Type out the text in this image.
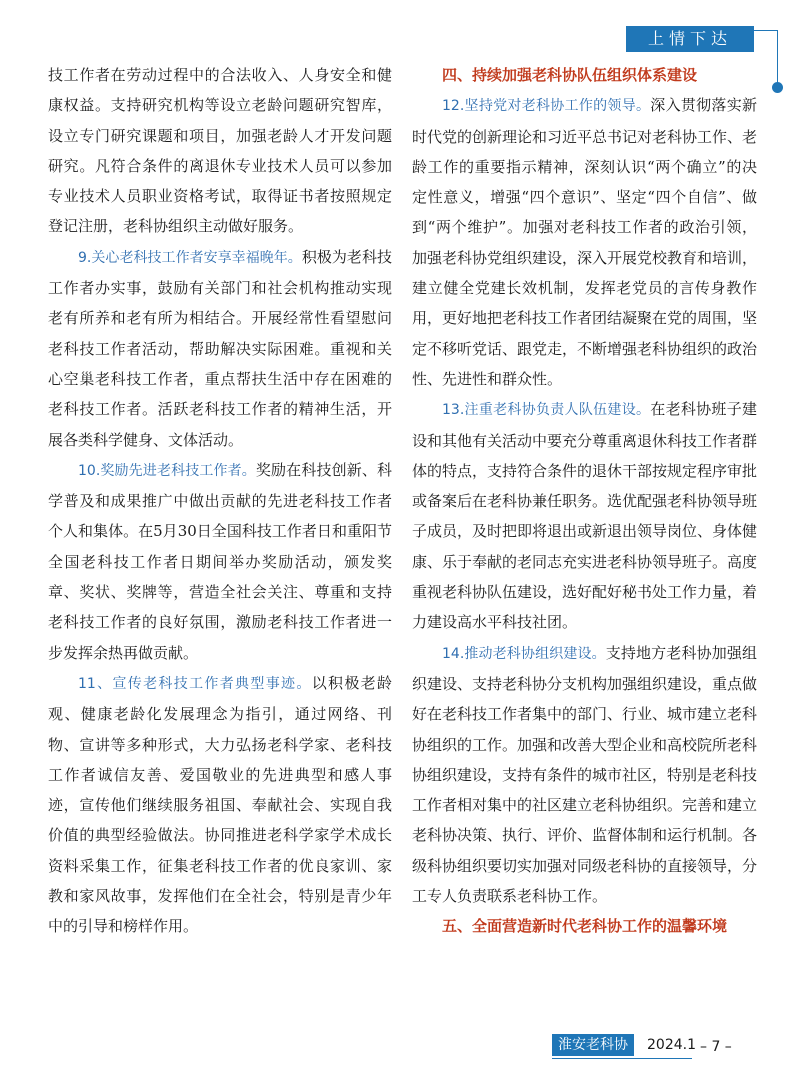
上情下达

技工作者在劳动过程中的合法收入、人身安全和健康权益。支持研究机构等设立老龄问题研究智库，设立专门研究课题和项目，加强老龄人才开发问题研究。凡符合条件的离退休专业技术人员可以参加专业技术人员职业资格考试，取得证书者按照规定登记注册，老科协组织主动做好服务。

9.关心老科技工作者安享幸福晚年。积极为老科技工作者办实事，鼓励有关部门和社会机构推动实现老有所养和老有所为相结合。开展经常性看望慰问老科技工作者活动，帮助解决实际困难。重视和关心空巢老科技工作者，重点帮扶生活中存在困难的老科技工作者。活跃老科技工作者的精神生活，开展各类科学健身、文体活动。

10.奖励先进老科技工作者。奖励在科技创新、科学普及和成果推广中做出贡献的先进老科技工作者个人和集体。在5月30日全国科技工作者日和重阳节全国老科技工作者日期间举办奖励活动，颁发奖章、奖状、奖牌等，营造全社会关注、尊重和支持老科技工作者的良好氛围，激励老科技工作者进一步发挥余热再做贡献。

11、宣传老科技工作者典型事迹。以积极老龄观、健康老龄化发展理念为指引，通过网络、刊物、宣讲等多种形式，大力弘扬老科学家、老科技工作者诚信友善、爱国敬业的先进典型和感人事迹，宣传他们继续服务祖国、奉献社会、实现自我价值的典型经验做法。协同推进老科学家学术成长资料采集工作，征集老科技工作者的优良家训、家教和家风故事，发挥他们在全社会，特别是青少年中的引导和榜样作用。

四、持续加强老科协队伍组织体系建设

12.坚持党对老科协工作的领导。深入贯彻落实新时代党的创新理论和习近平总书记对老科协工作、老龄工作的重要指示精神，深刻认识“两个确立”的决定性意义，增强“四个意识”、坚定“四个自信”、做到“两个维护”。加强对老科技工作者的政治引领，加强老科协党组织建设，深入开展党校教育和培训，建立健全党建长效机制，发挥老党员的言传身教作用，更好地把老科技工作者团结凝聚在党的周围，坚定不移听党话、跟党走，不断增强老科协组织的政治性、先进性和群众性。

13.注重老科协负责人队伍建设。在老科协班子建设和其他有关活动中要充分尊重离退休科技工作者群体的特点，支持符合条件的退休干部按规定程序审批或备案后在老科协兼任职务。选优配强老科协领导班子成员，及时把即将退出或新退出领导岗位、身体健康、乐于奉献的老同志充实进老科协领导班子。高度重视老科协队伍建设，选好配好秘书处工作力量，着力建设高水平科技社团。

14.推动老科协组织建设。支持地方老科协加强组织建设、支持老科协分支机构加强组织建设，重点做好在老科技工作者集中的部门、行业、城市建立老科协组织的工作。加强和改善大型企业和高校院所老科协组织建设，支持有条件的城市社区，特别是老科技工作者相对集中的社区建立老科协组织。完善和建立老科协决策、执行、评价、监督体制和运行机制。各级科协组织要切实加强对同级老科协的直接领导，分工专人负责联系老科协工作。

五、全面营造新时代老科协工作的温馨环境
淮安老科协	2024.1 – 7 –
